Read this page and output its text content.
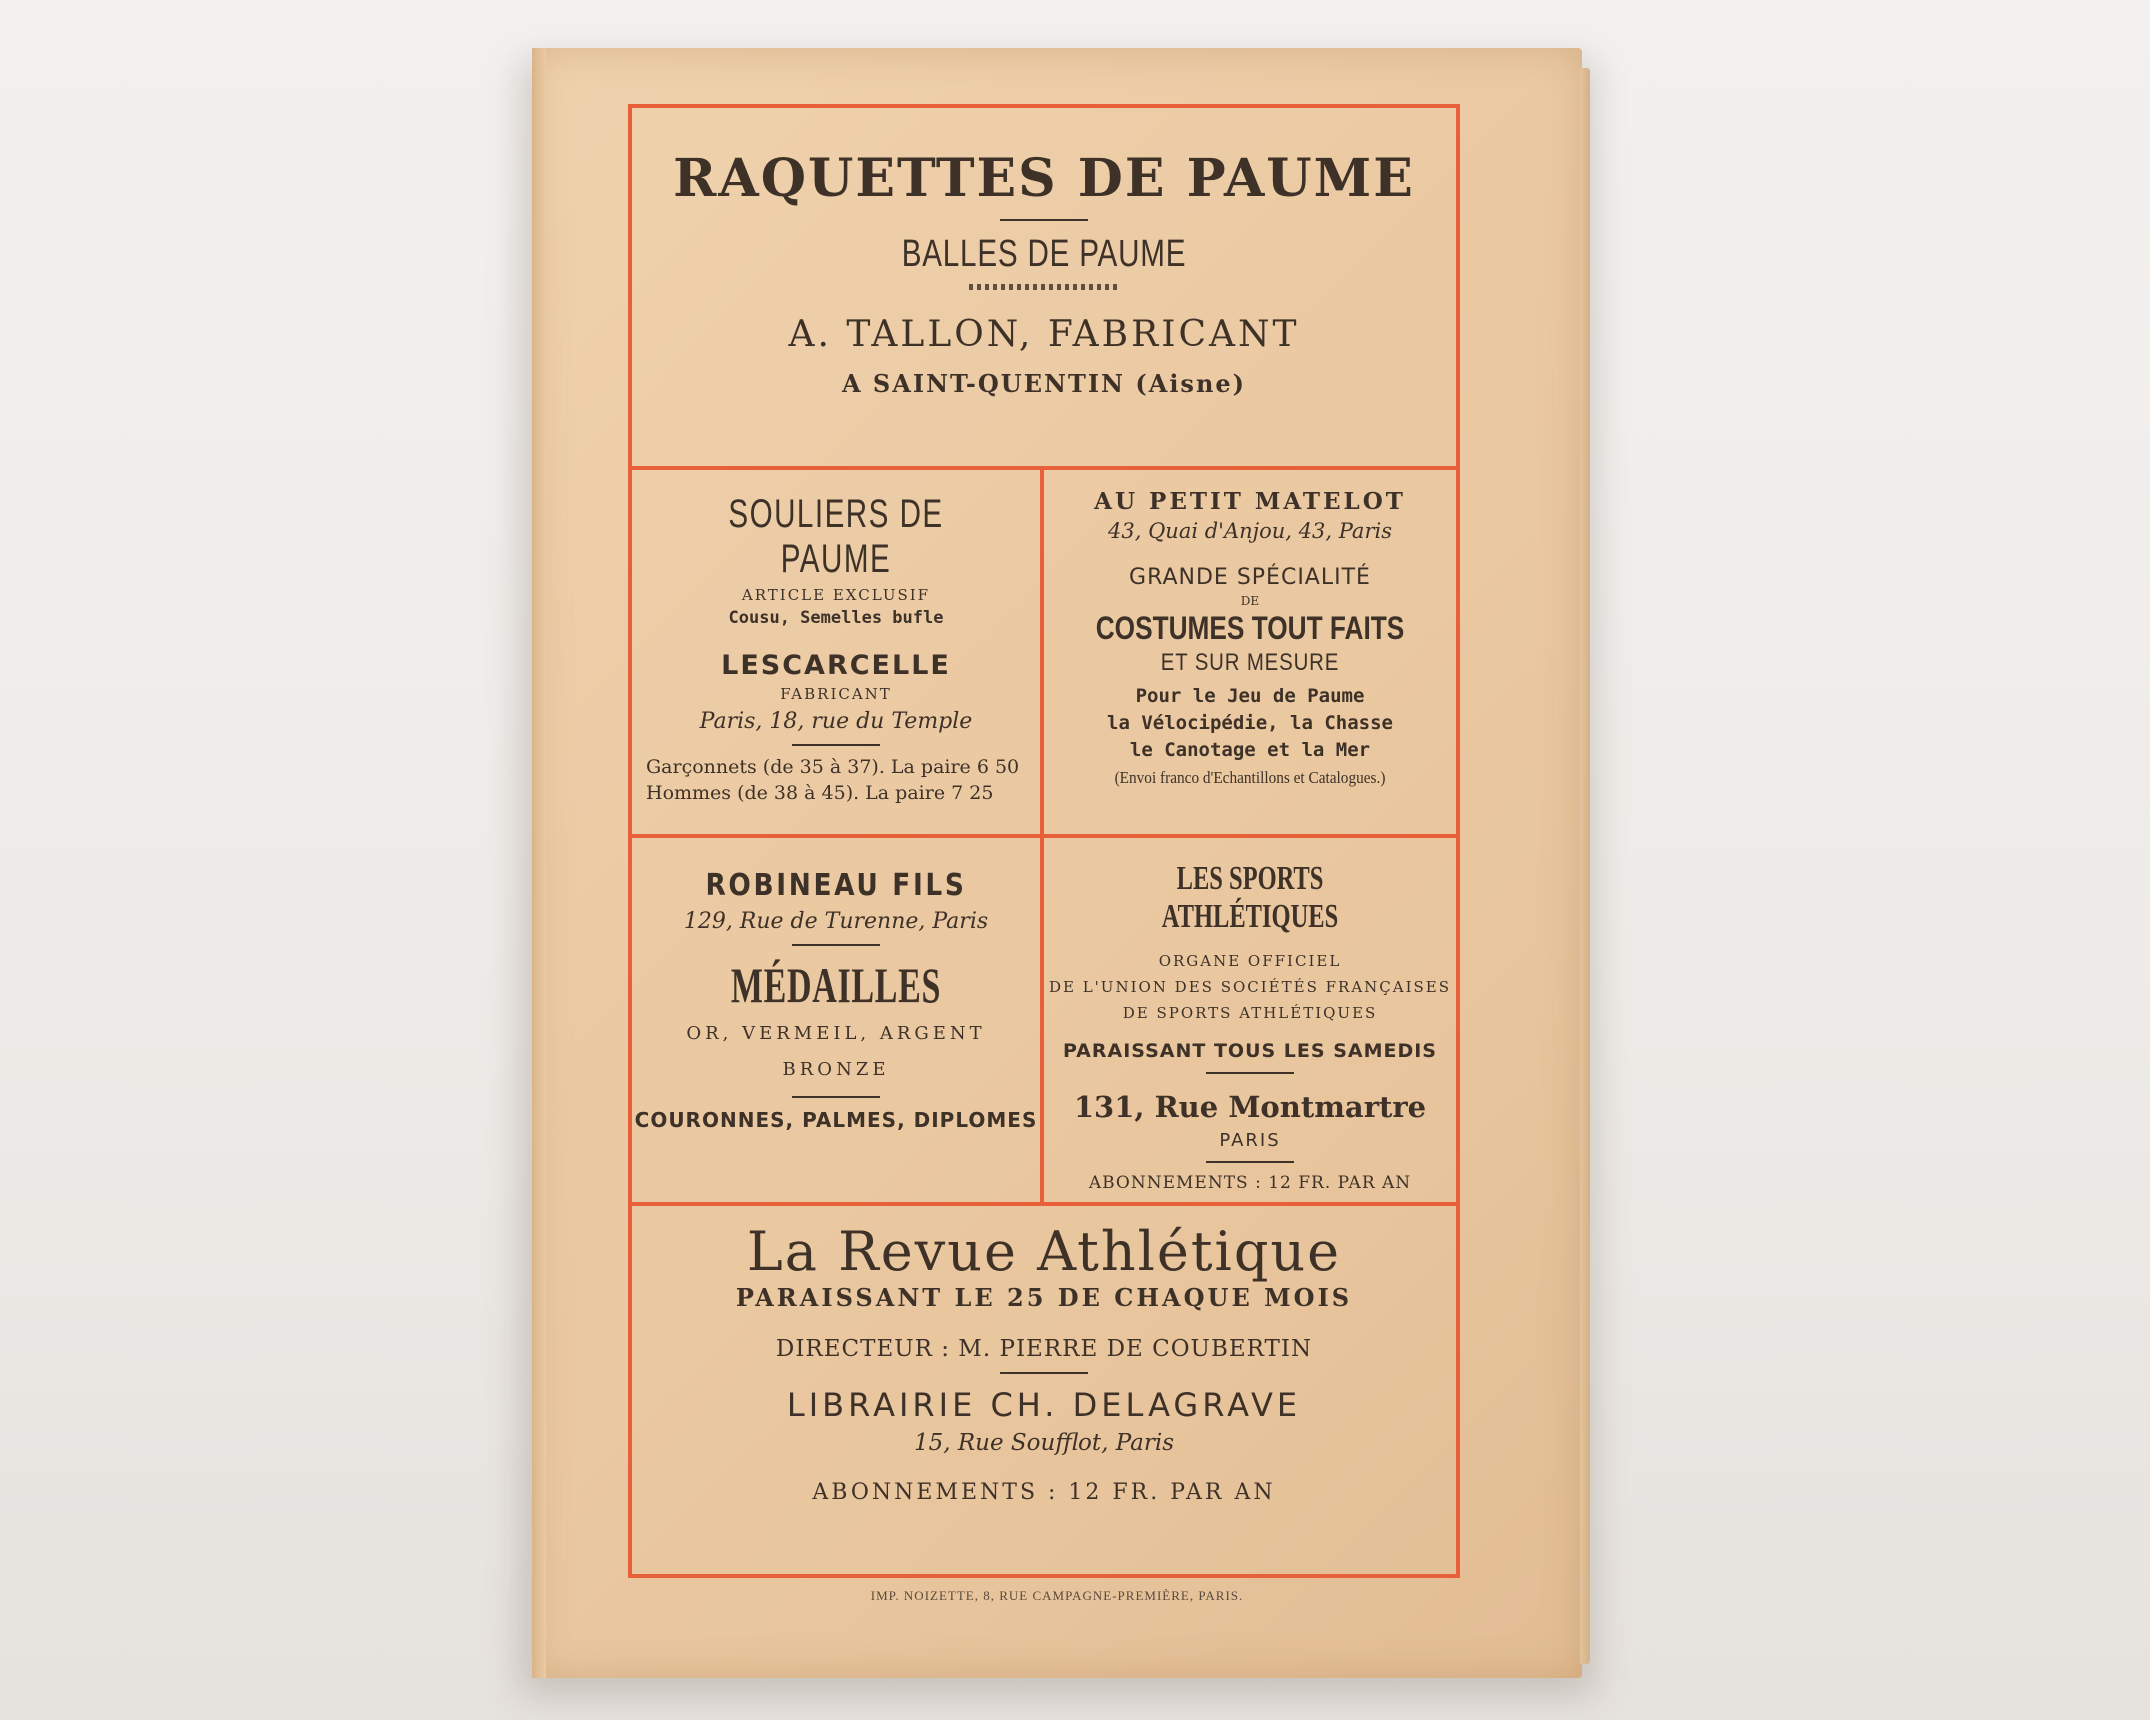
RAQUETTES DE PAUME
BALLES DE PAUME
A. TALLON, FABRICANT
A SAINT-QUENTIN (Aisne)
SOULIERS DE PAUME
ARTICLE EXCLUSIF
Cousu, Semelles bufle
LESCARCELLE
FABRICANT
Paris, 18, rue du Temple
Garçonnets (de 35 à 37). La paire 6 50
Hommes (de 38 à 45). La paire 7 25
AU PETIT MATELOT
43, Quai d'Anjou, 43, Paris
GRANDE SPÉCIALITÉ
DE
COSTUMES TOUT FAITS
ET SUR MESURE
Pour le Jeu de Paume
la Vélocipédie, la Chasse
le Canotage et la Mer
(Envoi franco d'Echantillons et Catalogues.)
ROBINEAU FILS
129, Rue de Turenne, Paris
MÉDAILLES
OR, VERMEIL, ARGENT
BRONZE
COURONNES, PALMES, DIPLOMES
LES SPORTS ATHLÉTIQUES
ORGANE OFFICIEL
DE L'UNION DES SOCIÉTÉS FRANÇAISES
DE SPORTS ATHLÉTIQUES
PARAISSANT TOUS LES SAMEDIS
131, Rue Montmartre
PARIS
ABONNEMENTS : 12 FR. PAR AN
La Revue Athlétique
PARAISSANT LE 25 DE CHAQUE MOIS
DIRECTEUR : M. PIERRE DE COUBERTIN
LIBRAIRIE CH. DELAGRAVE
15, Rue Soufflot, Paris
ABONNEMENTS : 12 FR. PAR AN
IMP. NOIZETTE, 8, RUE CAMPAGNE-PREMIÈRE, PARIS.
